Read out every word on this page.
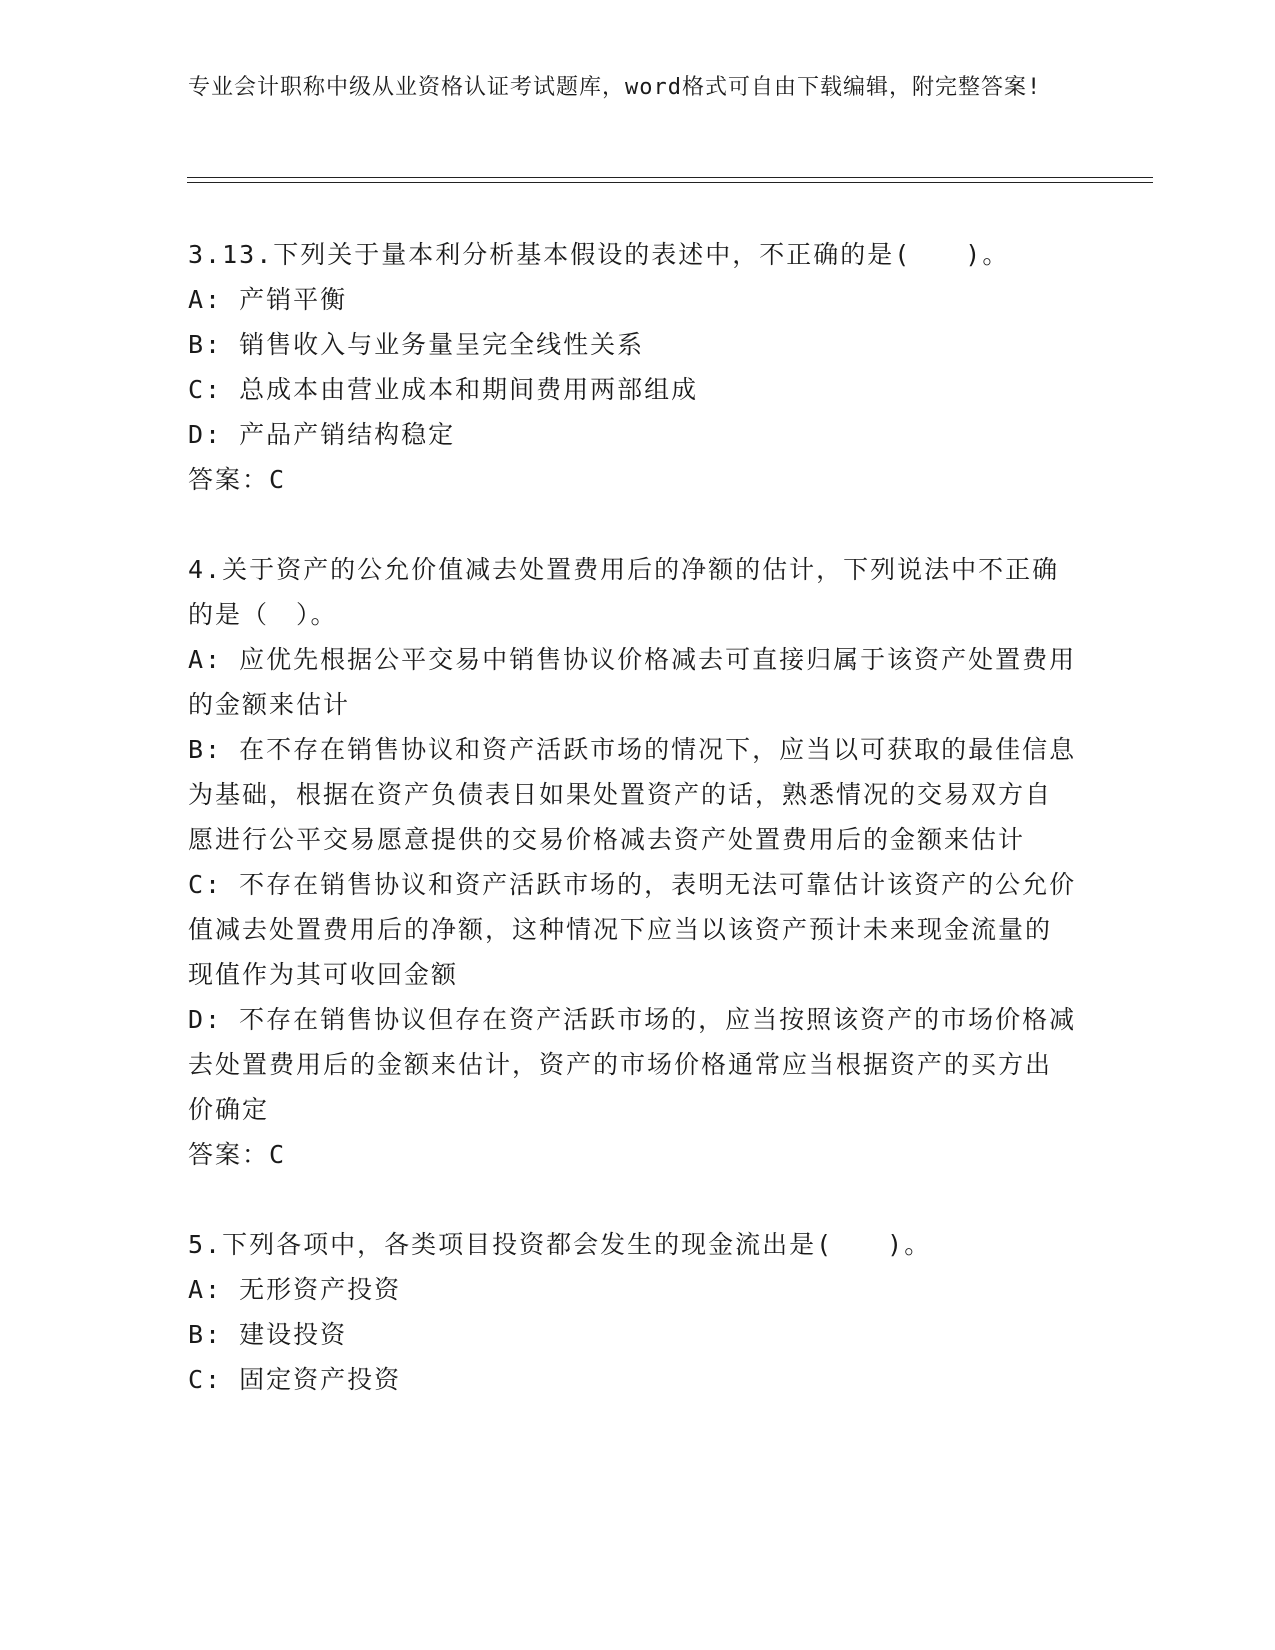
专业会计职称中级从业资格认证考试题库，word格式可自由下载编辑，附完整答案!

3.13.下列关于量本利分析基本假设的表述中，不正确的是(　　)。

A: 产销平衡

B: 销售收入与业务量呈完全线性关系

C: 总成本由营业成本和期间费用两部组成

D: 产品产销结构稳定

答案：C

4.关于资产的公允价值减去处置费用后的净额的估计，下列说法中不正确的是（　）。

A: 应优先根据公平交易中销售协议价格减去可直接归属于该资产处置费用的金额来估计

B: 在不存在销售协议和资产活跃市场的情况下，应当以可获取的最佳信息为基础，根据在资产负债表日如果处置资产的话，熟悉情况的交易双方自愿进行公平交易愿意提供的交易价格减去资产处置费用后的金额来估计

C: 不存在销售协议和资产活跃市场的，表明无法可靠估计该资产的公允价值减去处置费用后的净额，这种情况下应当以该资产预计未来现金流量的现值作为其可收回金额

D: 不存在销售协议但存在资产活跃市场的，应当按照该资产的市场价格减去处置费用后的金额来估计，资产的市场价格通常应当根据资产的买方出价确定

答案：C

5.下列各项中，各类项目投资都会发生的现金流出是(　　)。

A: 无形资产投资

B: 建设投资

C: 固定资产投资
